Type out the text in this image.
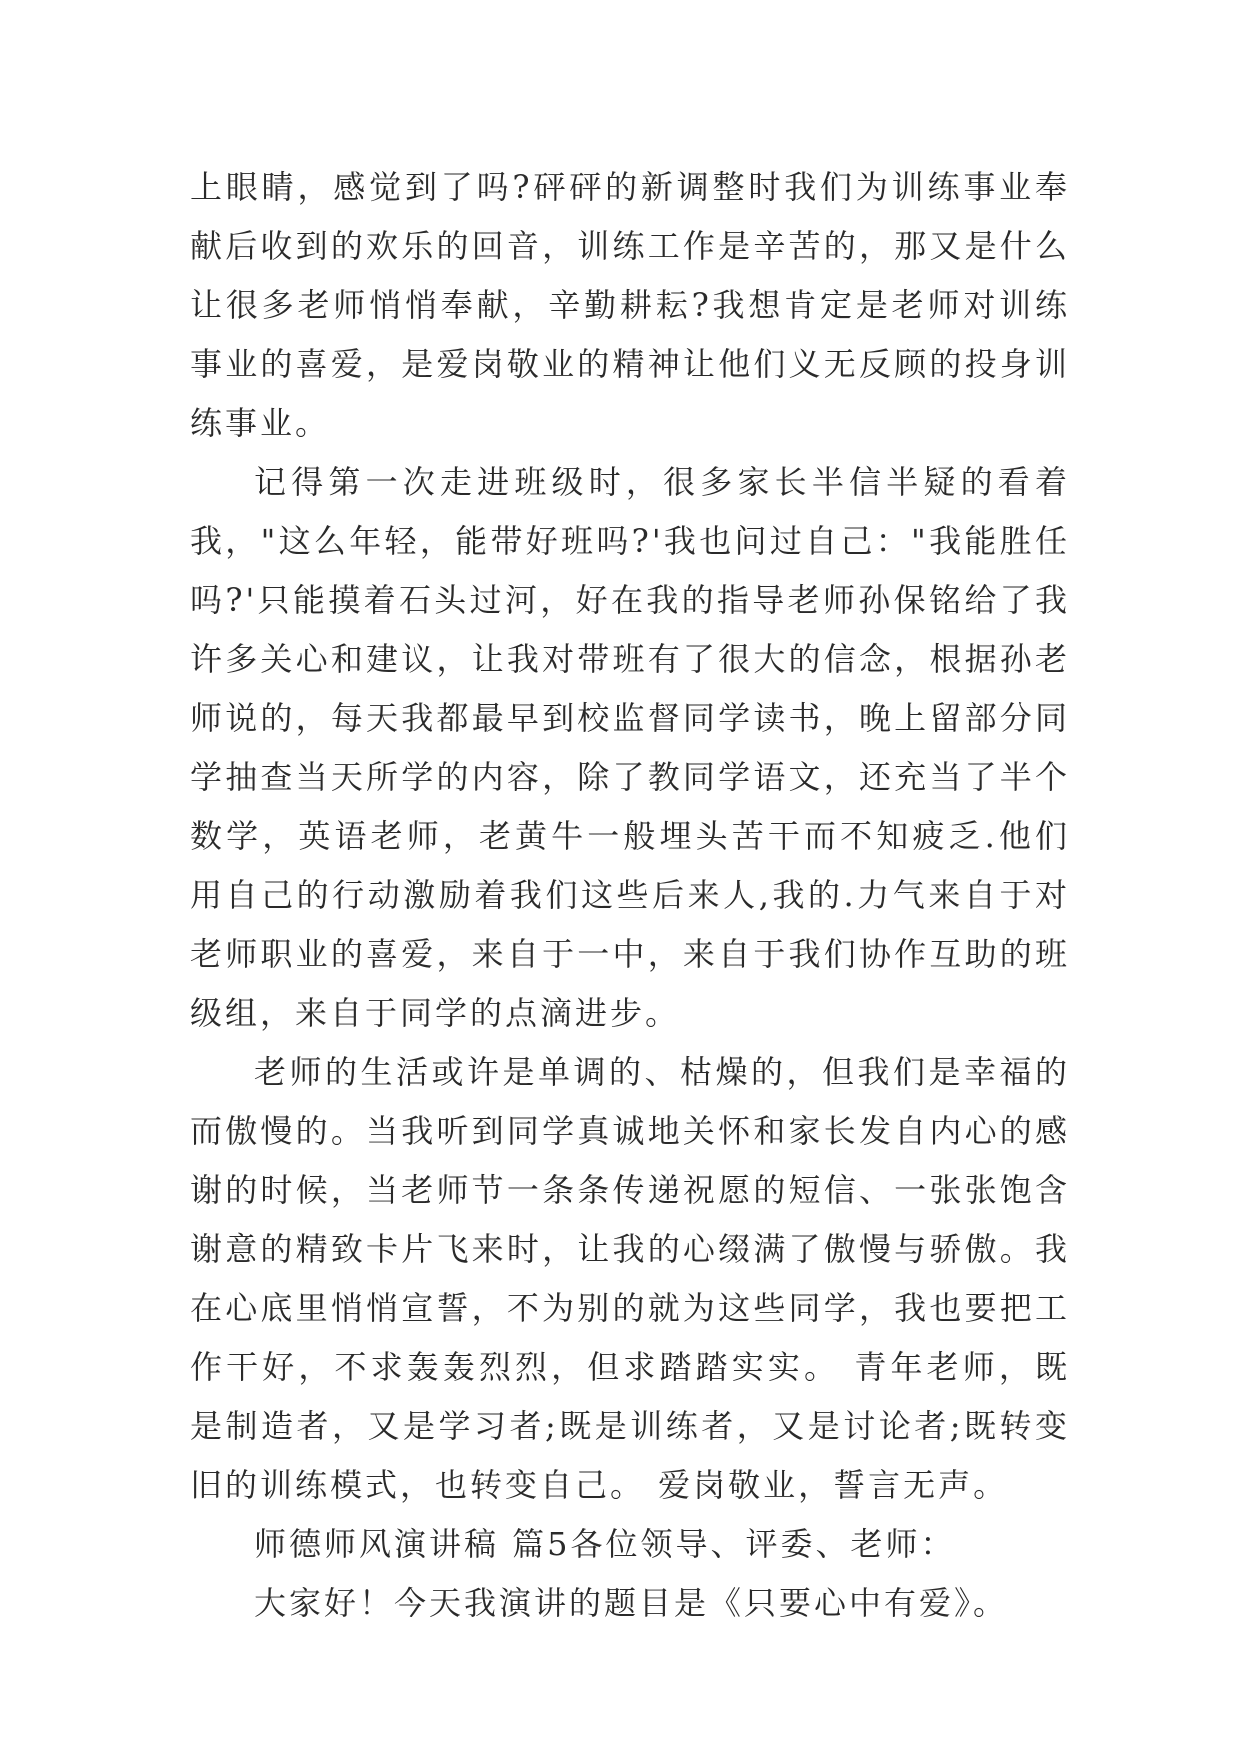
上眼睛，感觉到了吗?砰砰的新调整时我们为训练事业奉献后收到的欢乐的回音，训练工作是辛苦的，那又是什么让很多老师悄悄奉献，辛勤耕耘?我想肯定是老师对训练事业的喜爱，是爱岗敬业的精神让他们义无反顾的投身训练事业。

记得第一次走进班级时，很多家长半信半疑的看着我，"这么年轻，能带好班吗?'我也问过自己："我能胜任吗?'只能摸着石头过河，好在我的指导老师孙保铭给了我许多关心和建议，让我对带班有了很大的信念，根据孙老师说的，每天我都最早到校监督同学读书，晚上留部分同学抽查当天所学的内容，除了教同学语文，还充当了半个数学，英语老师，老黄牛一般埋头苦干而不知疲乏.他们用自己的行动激励着我们这些后来人,我的.力气来自于对老师职业的喜爱，来自于一中，来自于我们协作互助的班级组，来自于同学的点滴进步。

老师的生活或许是单调的、枯燥的，但我们是幸福的而傲慢的。当我听到同学真诚地关怀和家长发自内心的感谢的时候，当老师节一条条传递祝愿的短信、一张张饱含谢意的精致卡片飞来时，让我的心缀满了傲慢与骄傲。我在心底里悄悄宣誓，不为别的就为这些同学，我也要把工作干好，不求轰轰烈烈，但求踏踏实实。 青年老师，既是制造者，又是学习者;既是训练者，又是讨论者;既转变旧的训练模式，也转变自己。 爱岗敬业，誓言无声。

师德师风演讲稿 篇5各位领导、评委、老师：

大家好！今天我演讲的题目是《只要心中有爱》。
